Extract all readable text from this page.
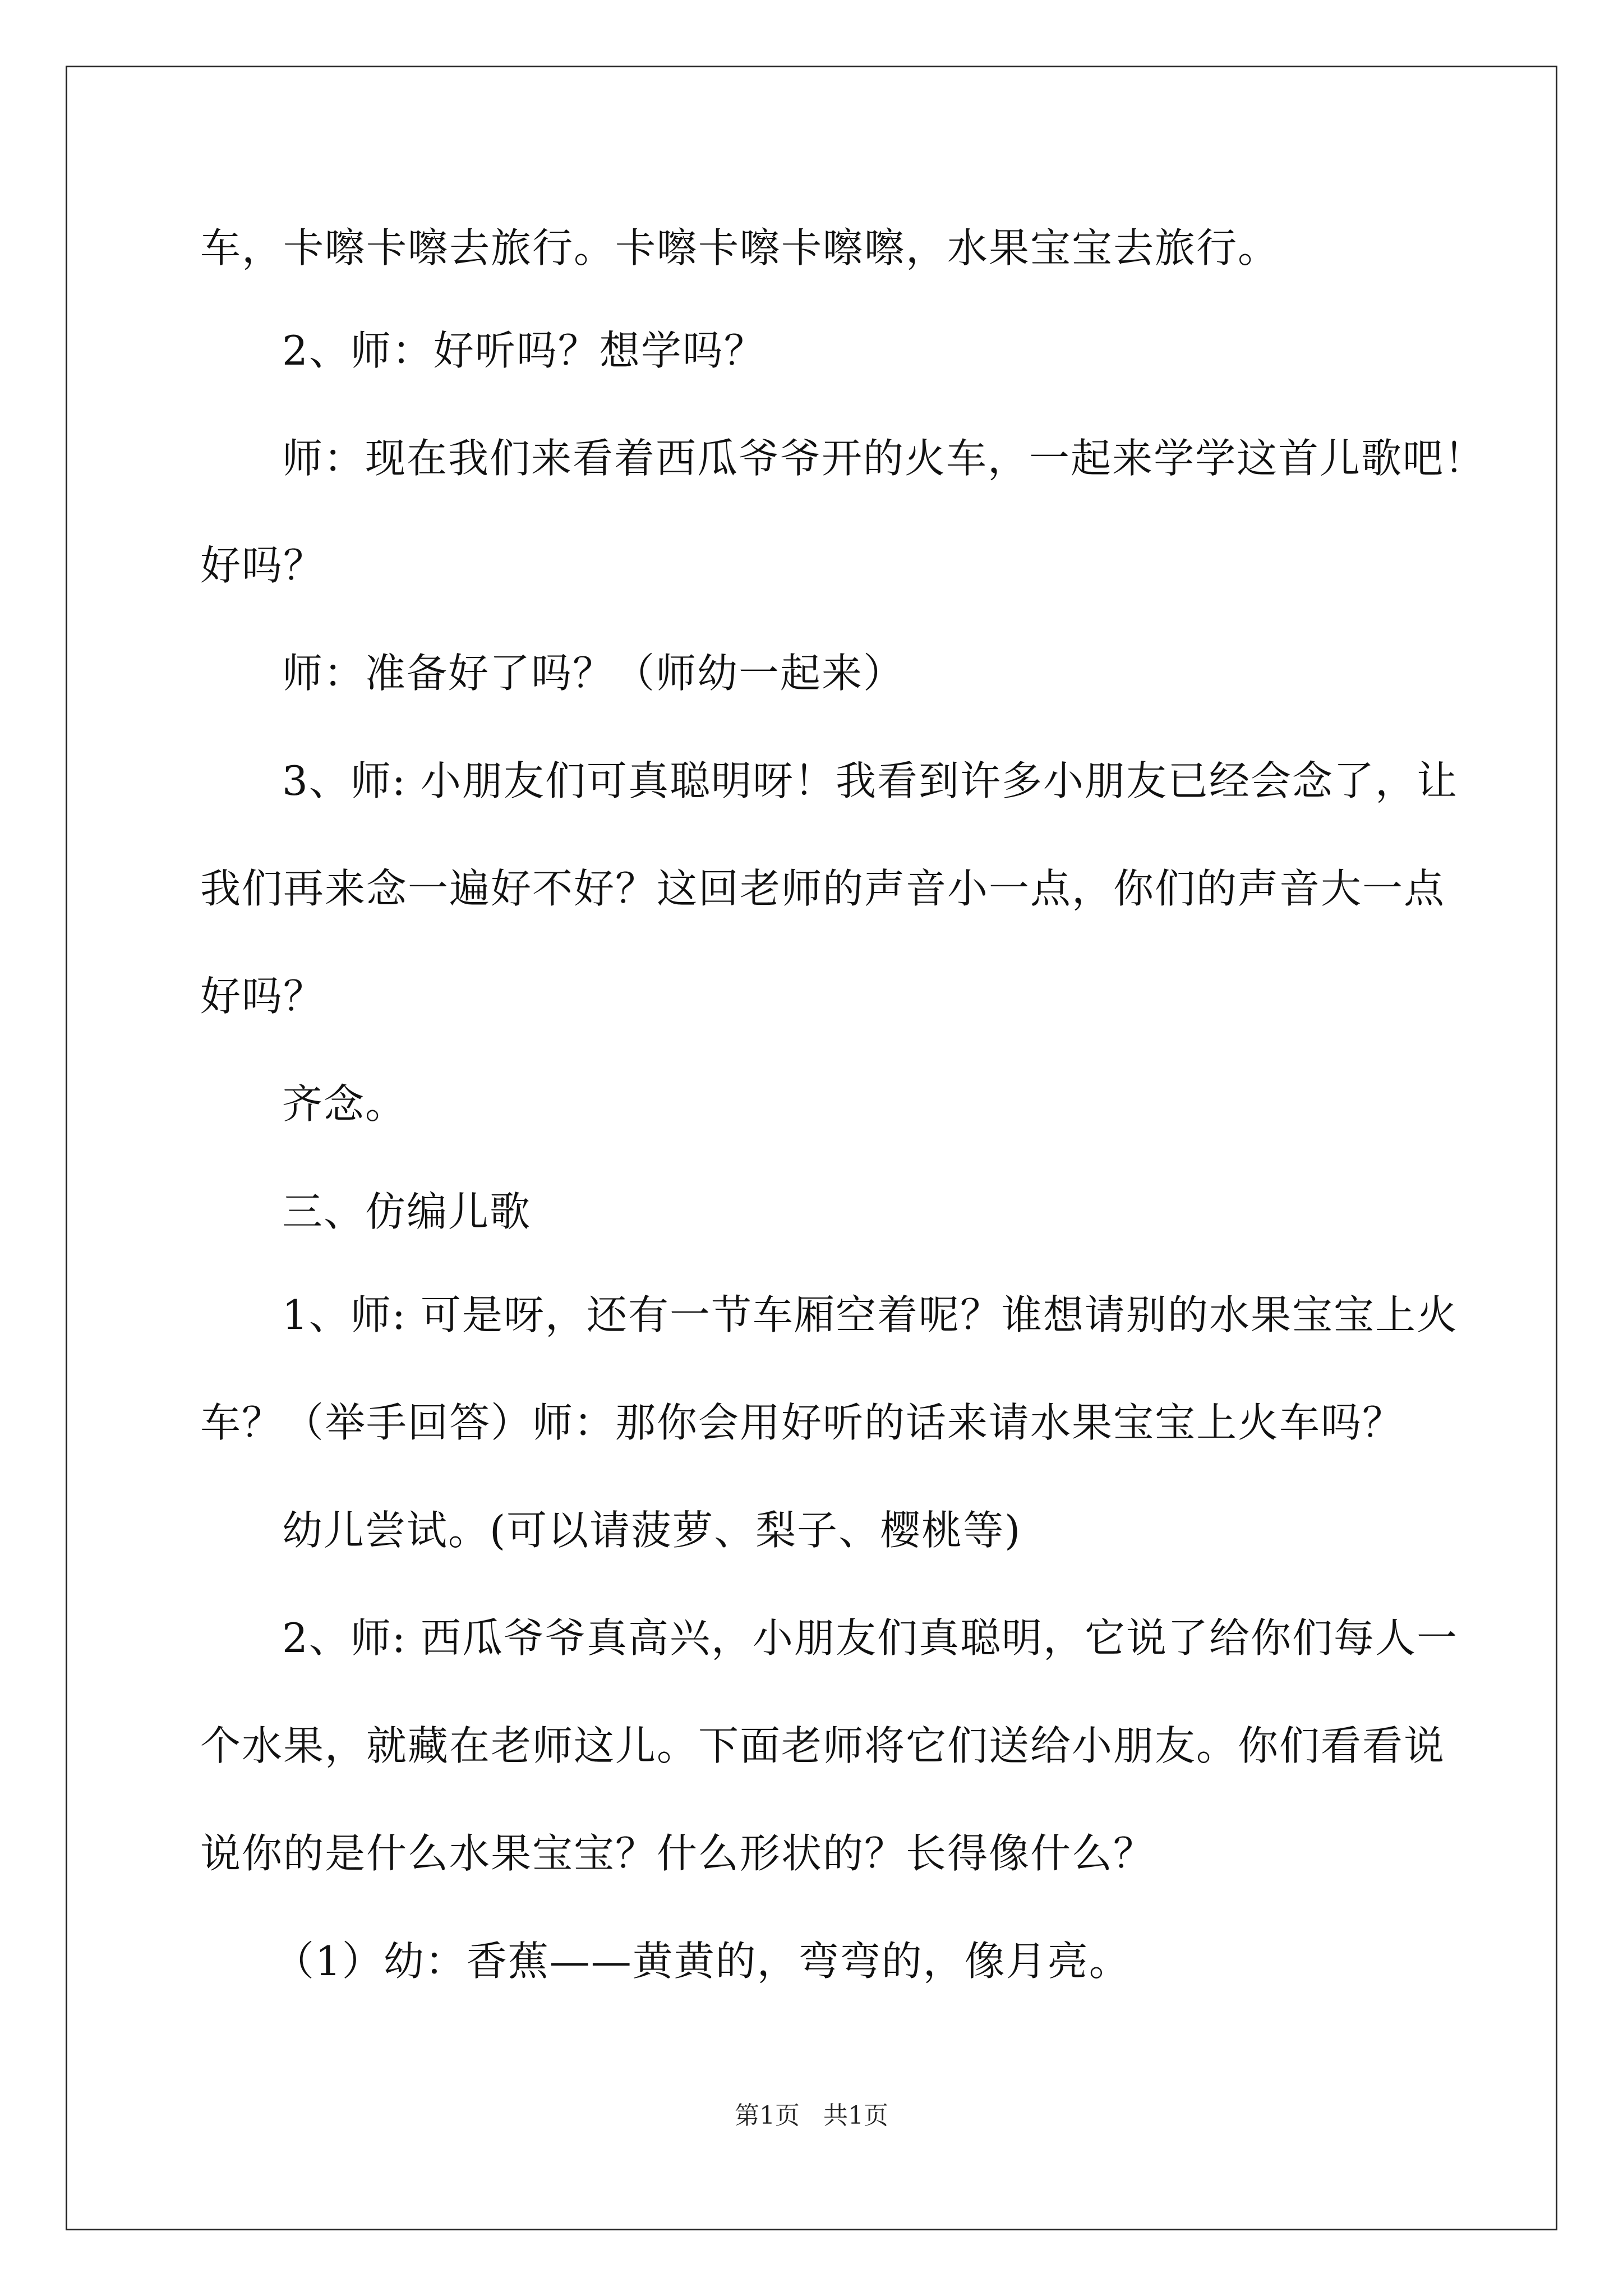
车，卡嚓卡嚓去旅行。卡嚓卡嚓卡嚓嚓，水果宝宝去旅行。
2、师：好听吗？想学吗？
师：现在我们来看着西瓜爷爷开的火车，一起来学学这首儿歌吧！
好吗？
师：准备好了吗？（师幼一起来）
3、师: 小朋友们可真聪明呀！我看到许多小朋友已经会念了，让
我们再来念一遍好不好？这回老师的声音小一点，你们的声音大一点
好吗？
齐念。
三、仿编儿歌
1、师: 可是呀，还有一节车厢空着呢？谁想请别的水果宝宝上火
车？（举手回答）师：那你会用好听的话来请水果宝宝上火车吗？
幼儿尝试。(可以请菠萝、梨子、樱桃等)
2、师: 西瓜爷爷真高兴，小朋友们真聪明，它说了给你们每人一
个水果，就藏在老师这儿。下面老师将它们送给小朋友。你们看看说
说你的是什么水果宝宝？什么形状的？长得像什么？
（1）幼：香蕉——黄黄的，弯弯的，像月亮。
第1页   共1页
